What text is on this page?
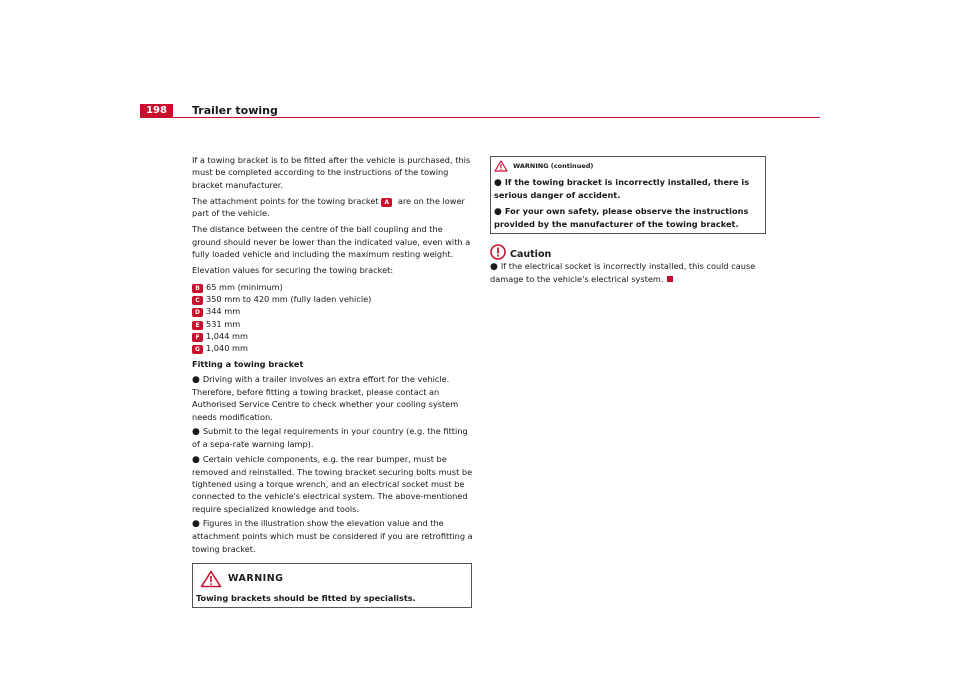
198	Trailer towing

If a towing bracket is to be fitted after the vehicle is purchased, this must be completed according to the instructions of the towing bracket manufacturer.

The attachment points for the towing bracket A are on the lower part of the vehicle.

The distance between the centre of the ball coupling and the ground should never be lower than the indicated value, even with a fully loaded vehicle and including the maximum resting weight.

Elevation values for securing the towing bracket:

B 65 mm (minimum)
C 350 mm to 420 mm (fully laden vehicle)
D 344 mm
E 531 mm
F 1,044 mm
G 1,040 mm
Fitting a towing bracket
● Driving with a trailer involves an extra effort for the vehicle. Therefore, before fitting a towing bracket, please contact an Authorised Service Centre to check whether your cooling system needs modification.
● Submit to the legal requirements in your country (e.g. the fitting of a sepa-rate warning lamp).
● Certain vehicle components, e.g. the rear bumper, must be removed and reinstalled. The towing bracket securing bolts must be tightened using a torque wrench, and an electrical socket must be connected to the vehicle's electrical system. The above-mentioned require specialized knowledge and tools.
● Figures in the illustration show the elevation value and the attachment points which must be considered if you are retrofitting a towing bracket.
WARNING
Towing brackets should be fitted by specialists.
WARNING (continued)
● If the towing bracket is incorrectly installed, there is serious danger of accident.
● For your own safety, please observe the instructions provided by the manufacturer of the towing bracket.
Caution
● If the electrical socket is incorrectly installed, this could cause damage to the vehicle's electrical system.
